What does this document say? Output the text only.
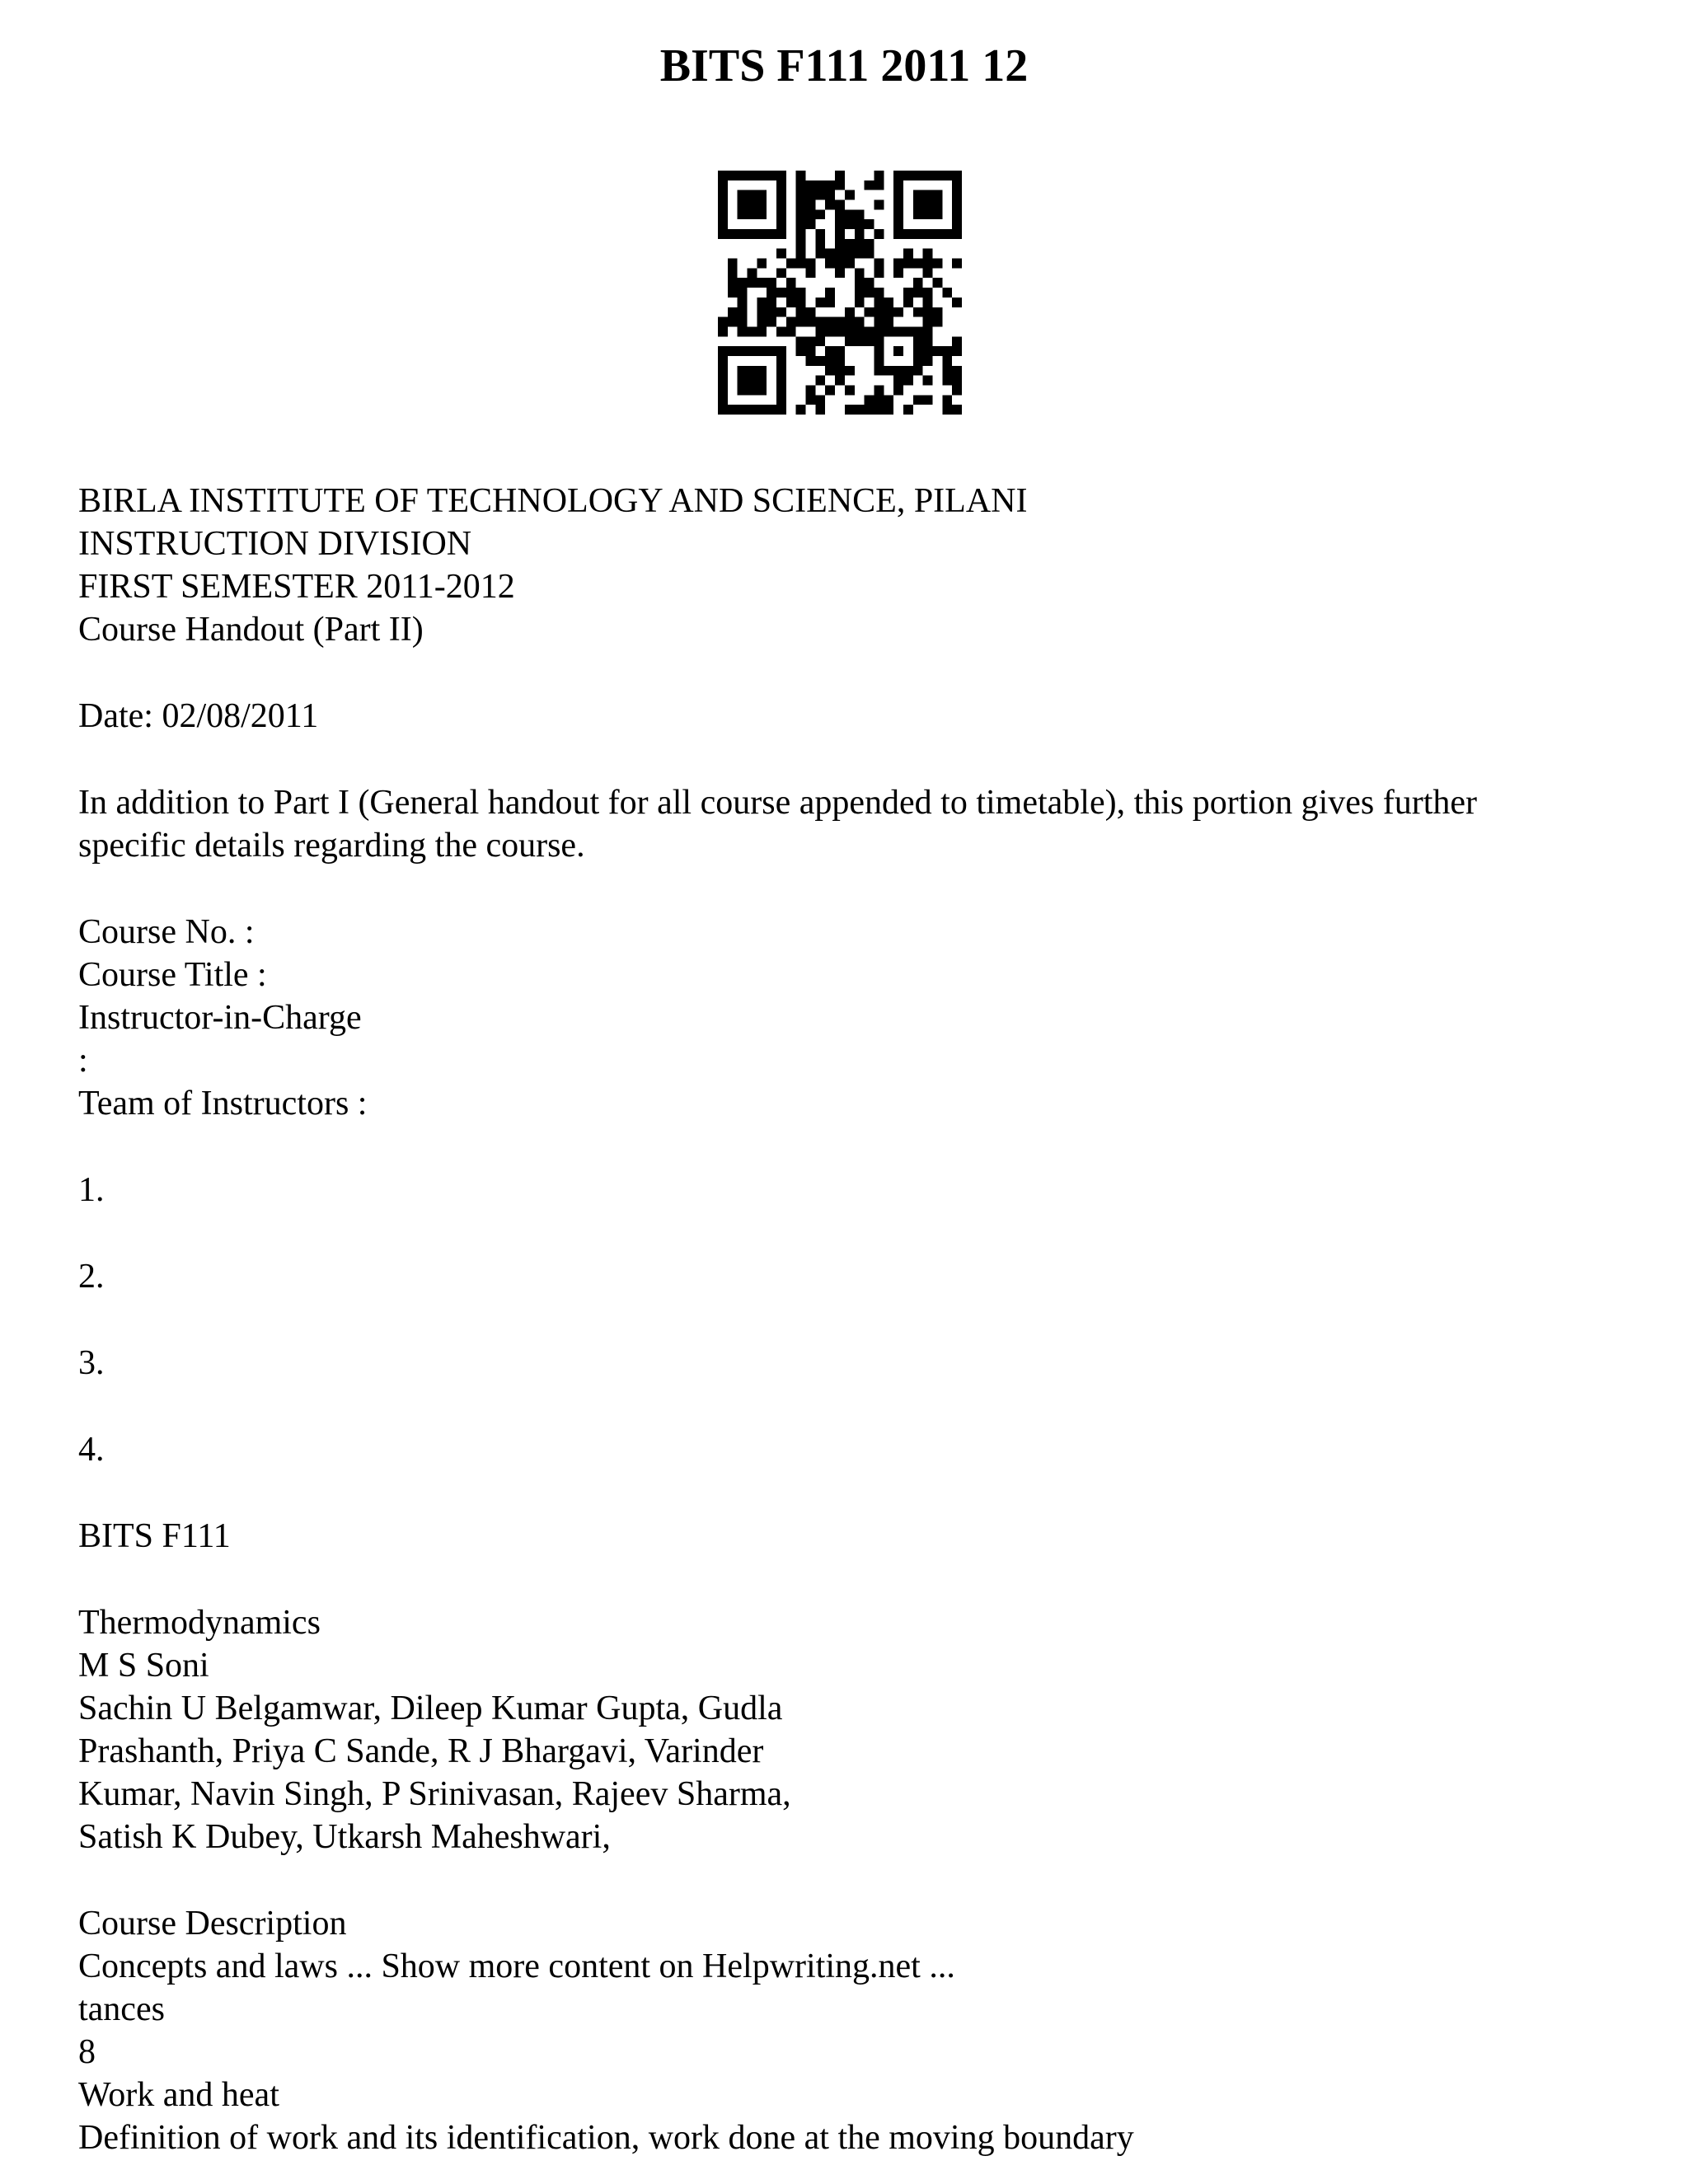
BITS F111 2011 12
BIRLA INSTITUTE OF TECHNOLOGY AND SCIENCE, PILANI
INSTRUCTION DIVISION
FIRST SEMESTER 2011-2012
Course Handout (Part II)
Date: 02/08/2011
In addition to Part I (General handout for all course appended to timetable), this portion gives further
specific details regarding the course.
Course No. :
Course Title :
Instructor-in-Charge
:
Team of Instructors :
1.
2.
3.
4.
BITS F111
Thermodynamics
M S Soni
Sachin U Belgamwar, Dileep Kumar Gupta, Gudla
Prashanth, Priya C Sande, R J Bhargavi, Varinder
Kumar, Navin Singh, P Srinivasan, Rajeev Sharma,
Satish K Dubey, Utkarsh Maheshwari,
Course Description
Concepts and laws ... Show more content on Helpwriting.net ...
tances
8
Work and heat
Definition of work and its identification, work done at the moving boundary
